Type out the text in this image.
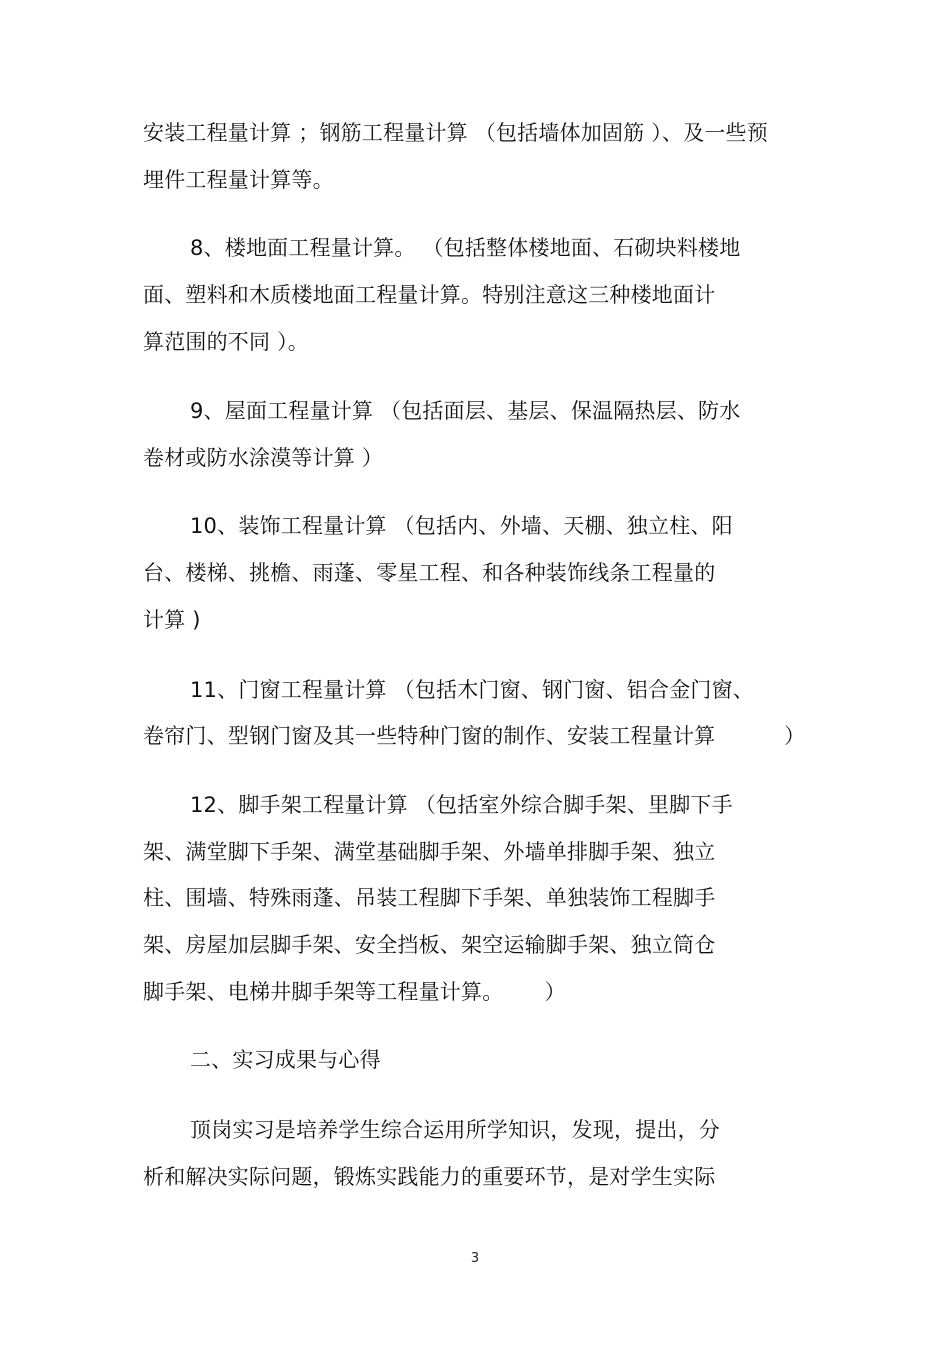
安装工程量计算 ；钢筋工程量计算 （包括墙体加固筋 ）、及一些预
埋件工程量计算等。
8、楼地面工程量计算。 （包括整体楼地面、石砌块料楼地
面、塑料和木质楼地面工程量计算。特别注意这三种楼地面计
算范围的不同 ）。
9、屋面工程量计算 （包括面层、基层、保温隔热层、防水
卷材或防水涂漠等计算 ）
10、装饰工程量计算 （包括内、外墙、天棚、独立柱、阳
台、楼梯、挑檐、雨蓬、零星工程、和各种装饰线条工程量的
计算 )
11、门窗工程量计算 （包括木门窗、钢门窗、铝合金门窗、
卷帘门、型钢门窗及其一些特种门窗的制作、安装工程量计算          ）
12、脚手架工程量计算 （包括室外综合脚手架、里脚下手
架、满堂脚下手架、满堂基础脚手架、外墙单排脚手架、独立
柱、围墙、特殊雨蓬、吊装工程脚下手架、单独装饰工程脚手
架、房屋加层脚手架、安全挡板、架空运输脚手架、独立筒仓
脚手架、电梯井脚手架等工程量计算。      ）
二、实习成果与心得
顶岗实习是培养学生综合运用所学知识，发现，提出，分
析和解决实际问题，锻炼实践能力的重要环节，是对学生实际
3
